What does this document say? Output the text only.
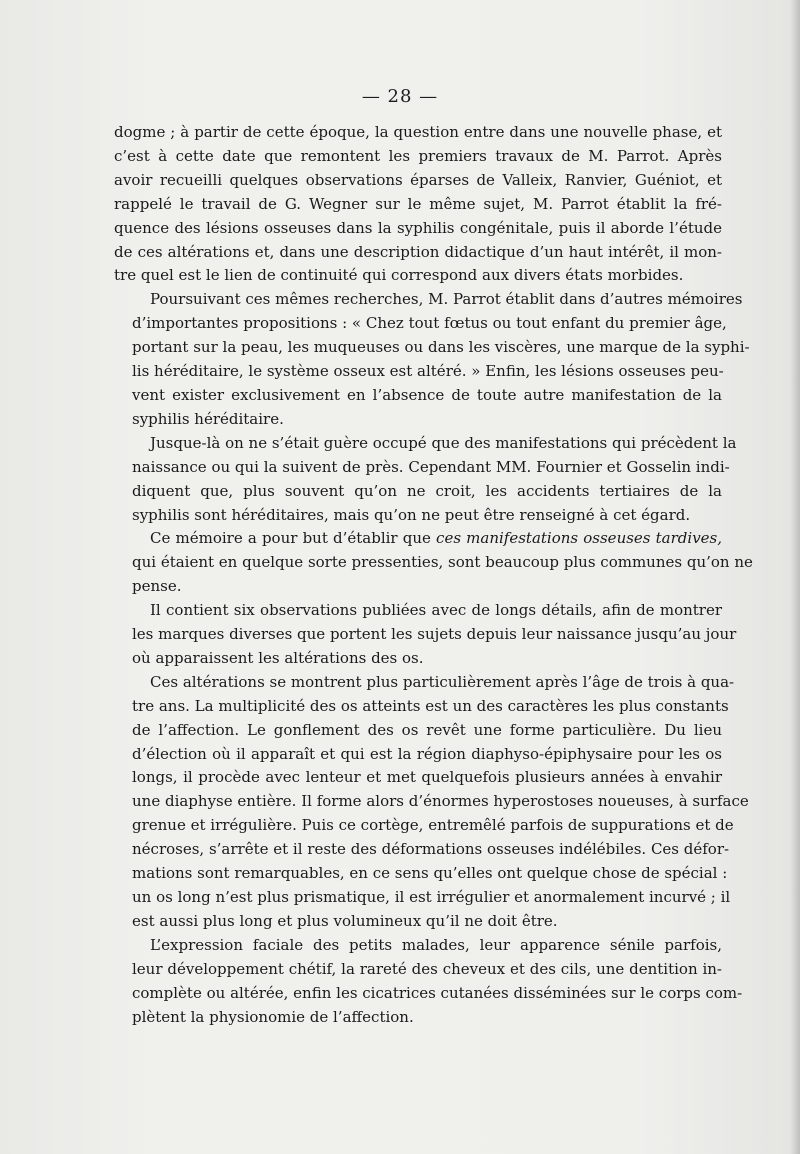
— 28 —
dogme ; à partir de cette époque, la question entre dans une nouvelle phase, et
c’est à cette date que remontent les premiers travaux de M. Parrot. Après
avoir recueilli quelques observations éparses de Valleix, Ranvier, Guéniot, et
rappelé le travail de G. Wegner sur le même sujet, M. Parrot établit la fré-
quence des lésions osseuses dans la syphilis congénitale, puis il aborde l’étude
de ces altérations et, dans une description didactique d’un haut intérêt, il mon-
tre quel est le lien de continuité qui correspond aux divers états morbides.
Poursuivant ces mêmes recherches, M. Parrot établit dans d’autres mémoires
d’importantes propositions : « Chez tout fœtus ou tout enfant du premier âge,
portant sur la peau, les muqueuses ou dans les viscères, une marque de la syphi-
lis héréditaire, le système osseux est altéré. » Enfin, les lésions osseuses peu-
vent exister exclusivement en l’absence de toute autre manifestation de la
syphilis héréditaire.
Jusque-là on ne s’était guère occupé que des manifestations qui précèdent la
naissance ou qui la suivent de près. Cependant MM. Fournier et Gosselin indi-
diquent que, plus souvent qu’on ne croit, les accidents tertiaires de la
syphilis sont héréditaires, mais qu’on ne peut être renseigné à cet égard.
Ce mémoire a pour but d’établir que ces manifestations osseuses tardives,
qui étaient en quelque sorte pressenties, sont beaucoup plus communes qu’on ne
pense.
Il contient six observations publiées avec de longs détails, afin de montrer
les marques diverses que portent les sujets depuis leur naissance jusqu’au jour
où apparaissent les altérations des os.
Ces altérations se montrent plus particulièrement après l’âge de trois à qua-
tre ans. La multiplicité des os atteints est un des caractères les plus constants
de l’affection. Le gonflement des os revêt une forme particulière. Du lieu
d’élection où il apparaît et qui est la région diaphyso-épiphysaire pour les os
longs, il procède avec lenteur et met quelquefois plusieurs années à envahir
une diaphyse entière. Il forme alors d’énormes hyperostoses noueuses, à surface
grenue et irrégulière. Puis ce cortège, entremêlé parfois de suppurations et de
nécroses, s’arrête et il reste des déformations osseuses indélébiles. Ces défor-
mations sont remarquables, en ce sens qu’elles ont quelque chose de spécial :
un os long n’est plus prismatique, il est irrégulier et anormalement incurvé ; il
est aussi plus long et plus volumineux qu’il ne doit être.
L’expression faciale des petits malades, leur apparence sénile parfois,
leur développement chétif, la rareté des cheveux et des cils, une dentition in-
complète ou altérée, enfin les cicatrices cutanées disséminées sur le corps com-
plètent la physionomie de l’affection.
